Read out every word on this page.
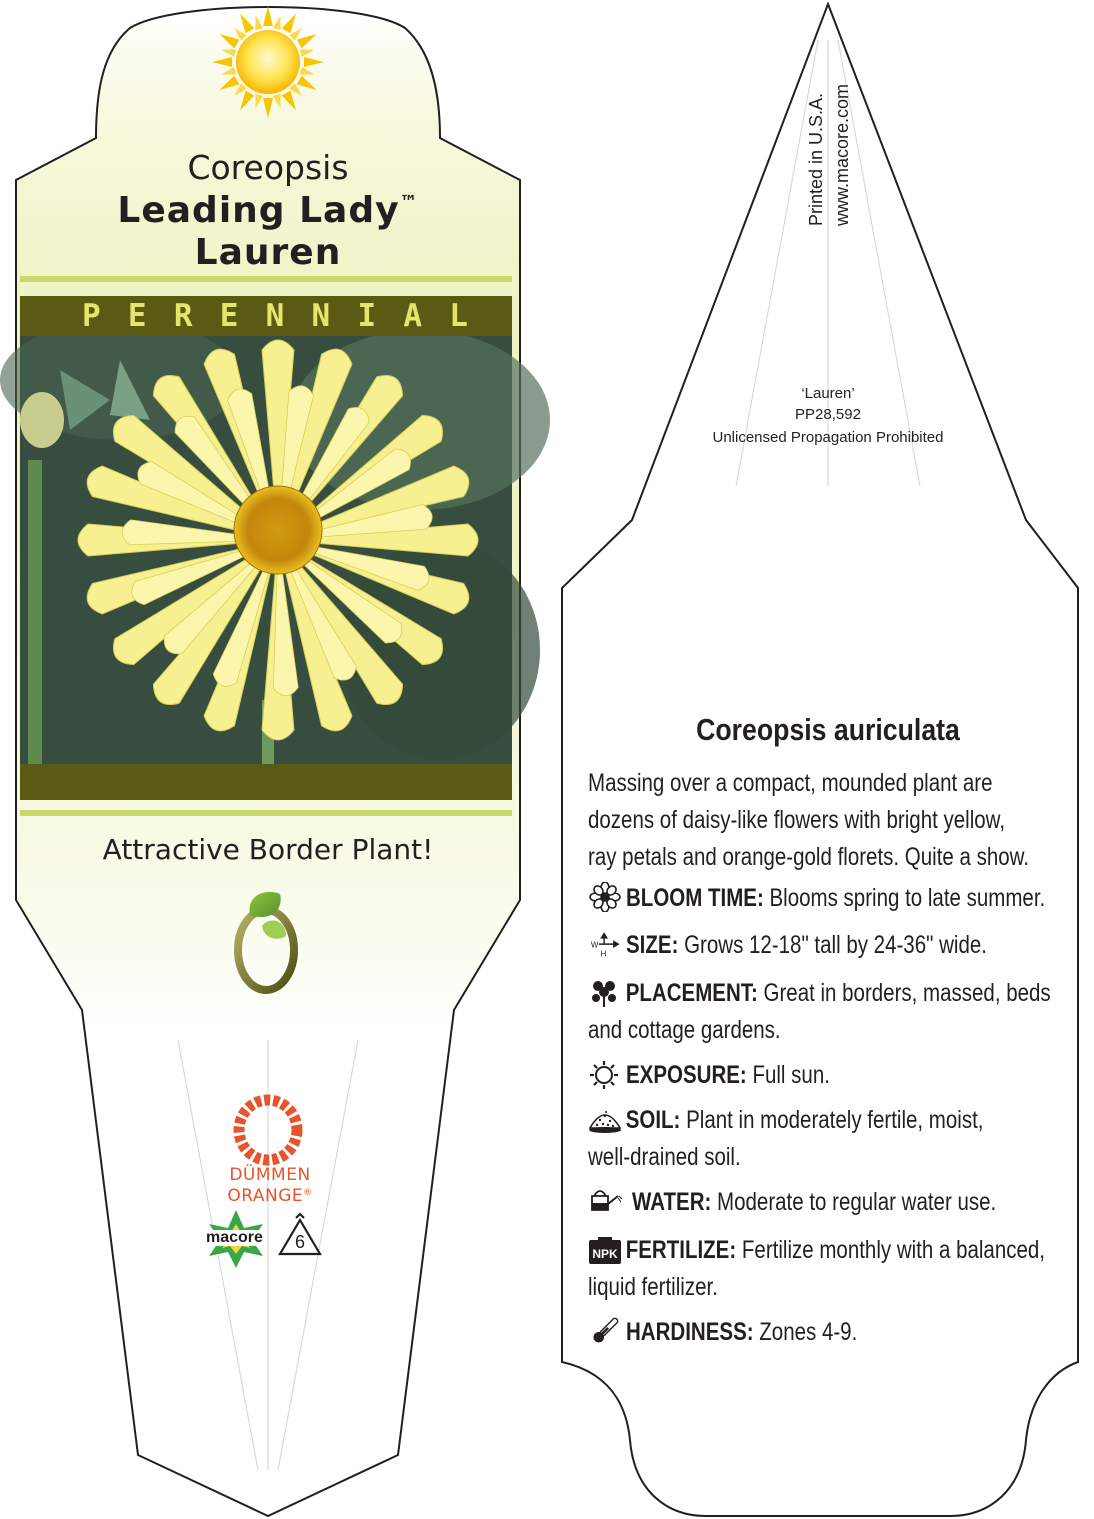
Coreopsis
Leading Lady™
Lauren
P E R E N N I A L
Attractive Border Plant!
DÜMMEN
ORANGE®
macore 6
Printed in U.S.A. www.macore.com
‘Lauren’
PP28,592
Unlicensed Propagation Prohibited
Coreopsis auriculata
Massing over a compact, mounded plant are
dozens of daisy-like flowers with bright yellow,
ray petals and orange-gold florets. Quite a show.
W
H
NPK
BLOOM TIME: Blooms spring to late summer.
SIZE: Grows 12-18" tall by 24-36" wide.
PLACEMENT: Great in borders, massed, beds
and cottage gardens.
EXPOSURE: Full sun.
SOIL: Plant in moderately fertile, moist,
well-drained soil.
WATER: Moderate to regular water use.
FERTILIZE: Fertilize monthly with a balanced,
liquid fertilizer.
HARDINESS: Zones 4-9.
